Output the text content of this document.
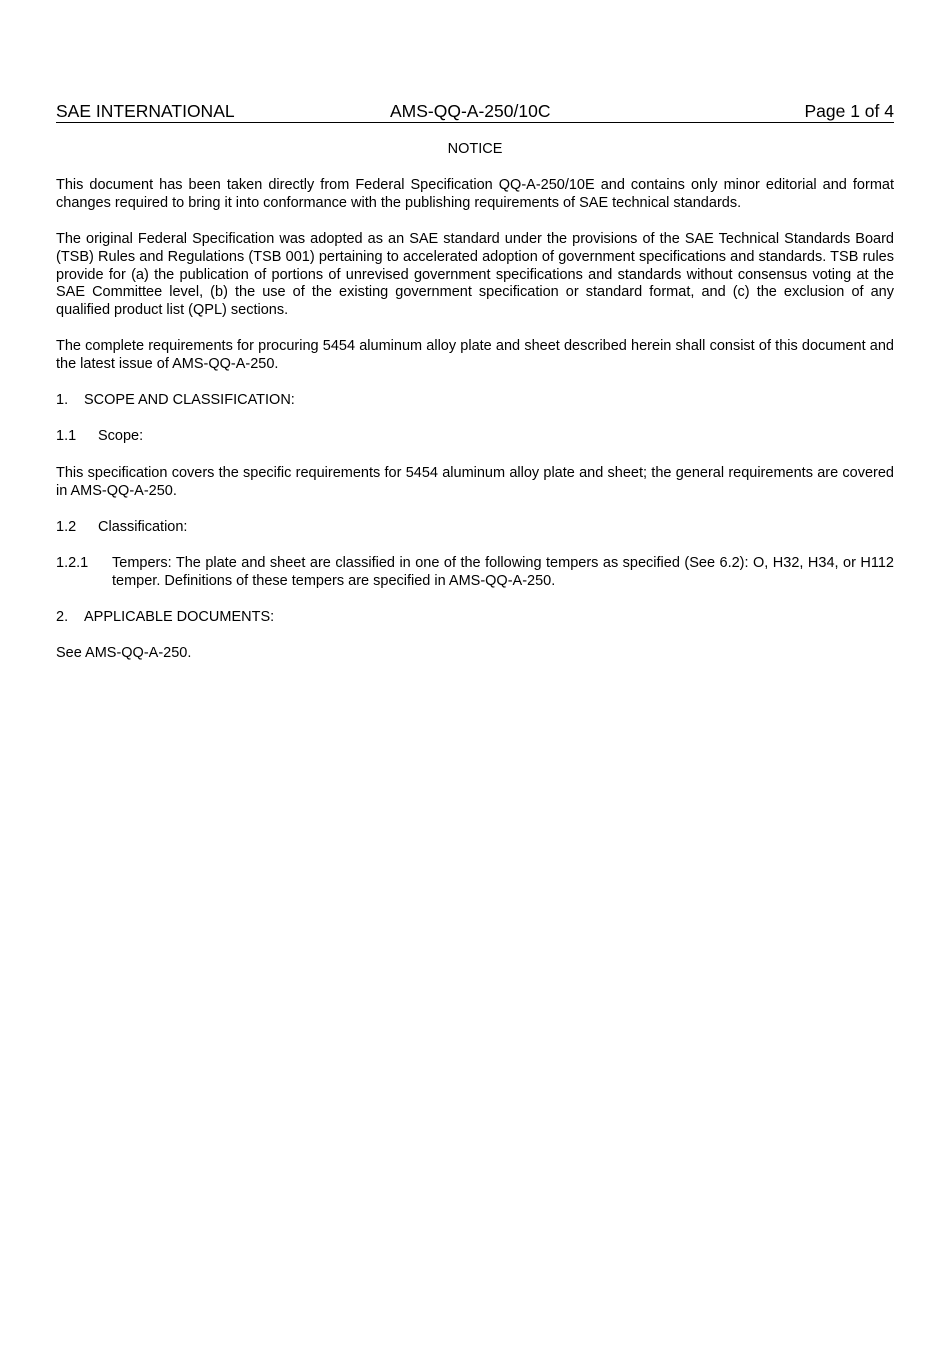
SAE INTERNATIONAL	AMS-QQ-A-250/10C	Page 1 of 4
NOTICE

This document has been taken directly from Federal Specification QQ-A-250/10E and contains only minor editorial and format changes required to bring it into conformance with the publishing requirements of SAE technical standards.

The original Federal Specification was adopted as an SAE standard under the provisions of the SAE Technical Standards Board (TSB) Rules and Regulations (TSB 001) pertaining to accelerated adoption of government specifications and standards. TSB rules provide for (a) the publication of portions of unrevised government specifications and standards without consensus voting at the SAE Committee level, (b) the use of the existing government specification or standard format, and (c) the exclusion of any qualified product list (QPL) sections.

The complete requirements for procuring 5454 aluminum alloy plate and sheet described herein shall consist of this document and the latest issue of AMS-QQ-A-250.

1. SCOPE AND CLASSIFICATION:
1.1 Scope:

This specification covers the specific requirements for 5454 aluminum alloy plate and sheet; the general requirements are covered in AMS-QQ-A-250.

1.2 Classification:
1.2.1 Tempers: The plate and sheet are classified in one of the following tempers as specified (See 6.2): O, H32, H34, or H112 temper. Definitions of these tempers are specified in AMS-QQ-A-250.
2. APPLICABLE DOCUMENTS:

See AMS-QQ-A-250.
